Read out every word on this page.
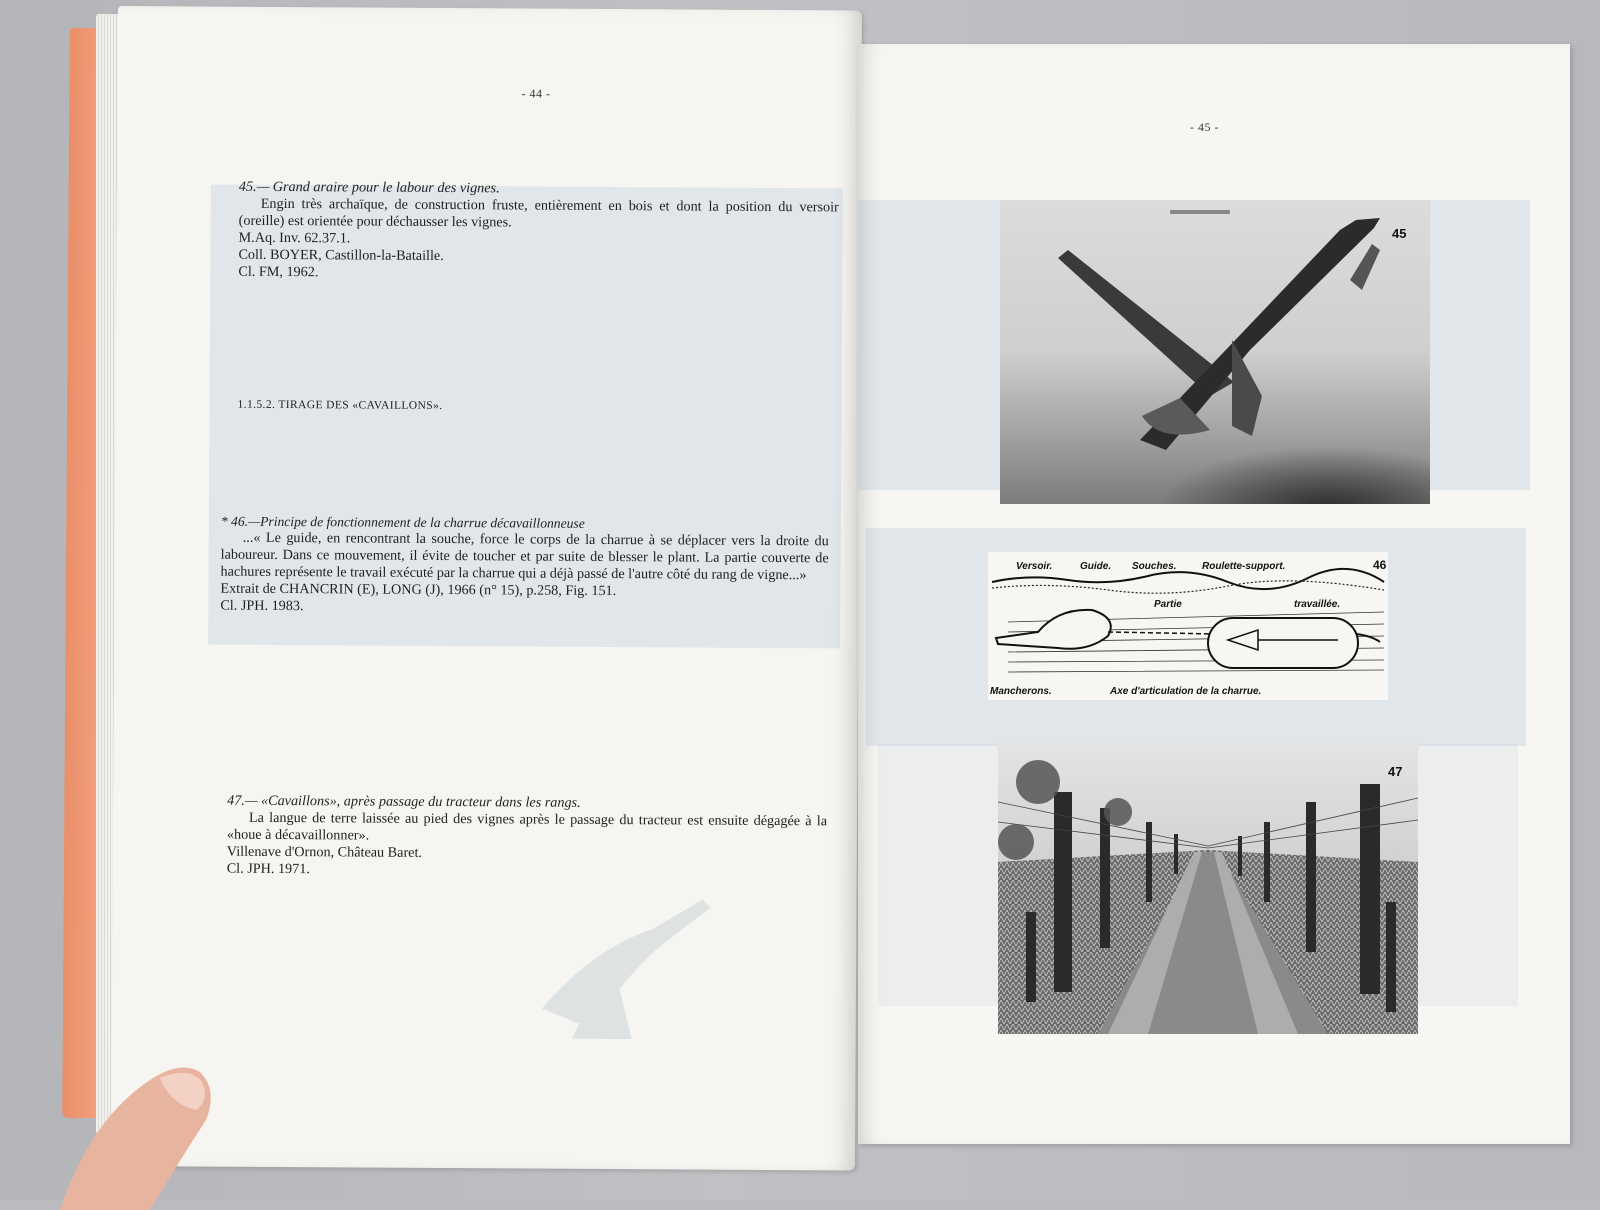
- 44 -

45.— Grand araire pour le labour des vignes.

Engin très archaïque, de construction fruste, entièrement en bois et dont la position du versoir (oreille) est orientée pour déchausser les vignes.

M.Aq. Inv. 62.37.1.

Coll. BOYER, Castillon-la-Bataille.

Cl. FM, 1962.

1.1.5.2. TIRAGE DES «CAVAILLONS».

* 46.—Principe de fonctionnement de la charrue décavaillonneuse

...« Le guide, en rencontrant la souche, force le corps de la charrue à se déplacer vers la droite du laboureur. Dans ce mouvement, il évite de toucher et par suite de blesser le plant. La partie couverte de hachures représente le travail exécuté par la charrue qui a déjà passé de l'autre côté du rang de vigne...»

Extrait de CHANCRIN (E), LONG (J), 1966 (n° 15), p.258, Fig. 151.

Cl. JPH. 1983.

47.— «Cavaillons», après passage du tracteur dans les rangs.

La langue de terre laissée au pied des vignes après le passage du tracteur est ensuite dégagée à la «houe à décavaillonner».

Villenave d'Ornon, Château Baret.

Cl. JPH. 1971.

- 45 -
45
Versoir.	Guide. Souches.	Roulette-support.
Partie	travaillée.
Mancherons.	Axe d'articulation de la charrue.
46
47
